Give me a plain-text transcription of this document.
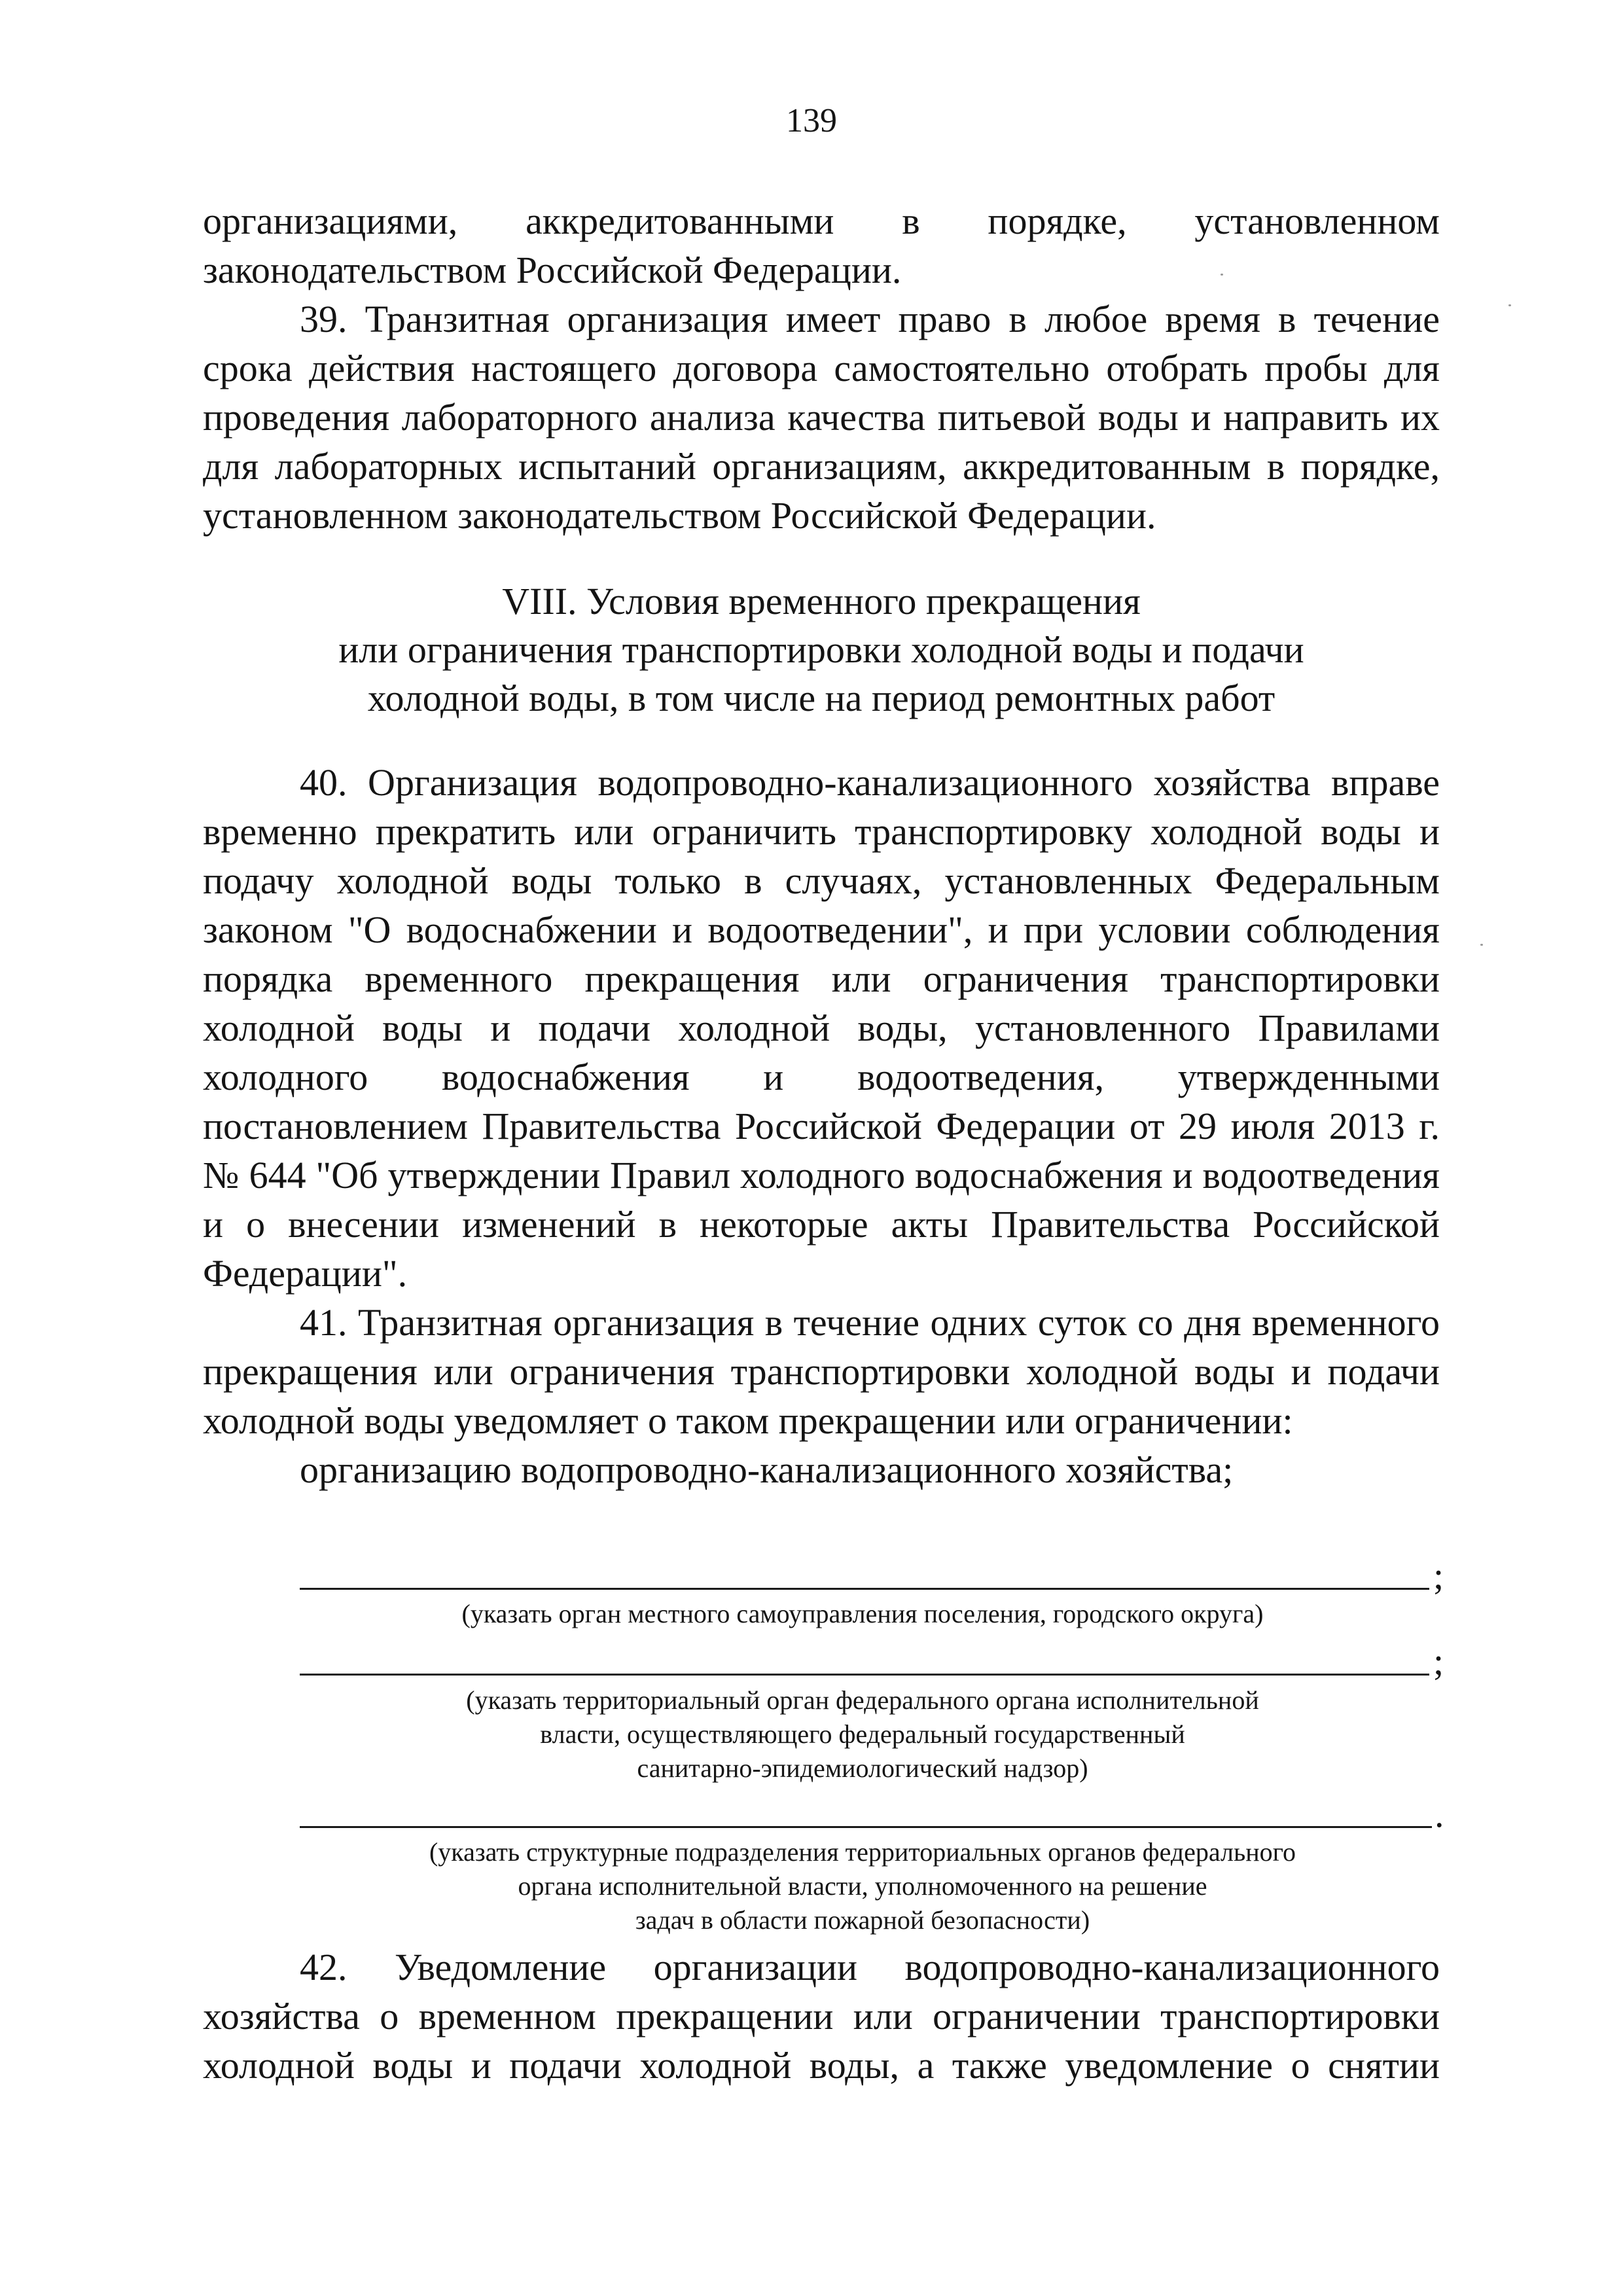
139

организациями, аккредитованными в порядке, установленном

законодательством Российской Федерации.

39. Транзитная организация имеет право в любое время в течение срока действия настоящего договора самостоятельно отобрать пробы для проведения лабораторного анализа качества питьевой воды и направить их для лабораторных испытаний организациям, аккредитованным в порядке, установленном законодательством Российской Федерации.

VIII. Условия временного прекращения
или ограничения транспортировки холодной воды и подачи
холодной воды, в том числе на период ремонтных работ

40. Организация водопроводно-канализационного хозяйства вправе временно прекратить или ограничить транспортировку холодной воды и подачу холодной воды только в случаях, установленных Федеральным законом "О водоснабжении и водоотведении", и при условии соблюдения порядка временного прекращения или ограничения транспортировки холодной воды и подачи холодной воды, установленного Правилами холодного водоснабжения и водоотведения, утвержденными постановлением Правительства Российской Федерации от 29 июля 2013 г. № 644 "Об утверждении Правил холодного водоснабжения и водоотведения и о внесении изменений в некоторые акты Правительства Российской Федерации".

41. Транзитная организация в течение одних суток со дня временного прекращения или ограничения транспортировки холодной воды и подачи холодной воды уведомляет о таком прекращении или ограничении:

организацию водопроводно-канализационного хозяйства;

;
(указать орган местного самоуправления поселения, городского округа)
;
(указать территориальный орган федерального органа исполнительной
власти, осуществляющего федеральный государственный
санитарно-эпидемиологический надзор)
.
(указать структурные подразделения территориальных органов федерального
органа исполнительной власти, уполномоченного на решение
задач в области пожарной безопасности)

42. Уведомление организации водопроводно-канализационного хозяйства о временном прекращении или ограничении транспортировки холодной воды и подачи холодной воды, а также уведомление о снятии
